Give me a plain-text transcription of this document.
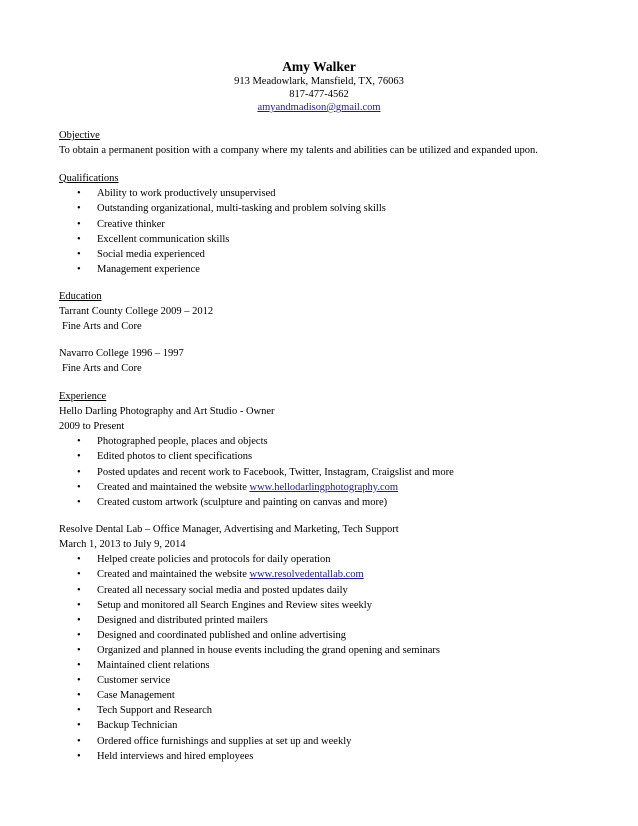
Amy Walker
913 Meadowlark, Mansfield, TX, 76063
817-477-4562
amyandmadison@gmail.com
Objective
To obtain a permanent position with a company where my talents and abilities can be utilized and expanded upon.
Qualifications
• Ability to work productively unsupervised
• Outstanding organizational, multi-tasking and problem solving skills
• Creative thinker
• Excellent communication skills
• Social media experienced
• Management experience
Education
Tarrant County College 2009 – 2012
Fine Arts and Core
Navarro College 1996 – 1997
Fine Arts and Core
Experience
Hello Darling Photography and Art Studio - Owner
2009 to Present
• Photographed people, places and objects
• Edited photos to client specifications
• Posted updates and recent work to Facebook, Twitter, Instagram, Craigslist and more
• Created and maintained the website www.hellodarlingphotography.com
• Created custom artwork (sculpture and painting on canvas and more)
Resolve Dental Lab – Office Manager, Advertising and Marketing, Tech Support
March 1, 2013 to July 9, 2014
• Helped create policies and protocols for daily operation
• Created and maintained the website www.resolvedentallab.com
• Created all necessary social media and posted updates daily
• Setup and monitored all Search Engines and Review sites weekly
• Designed and distributed printed mailers
• Designed and coordinated published and online advertising
• Organized and planned in house events including the grand opening and seminars
• Maintained client relations
• Customer service
• Case Management
• Tech Support and Research
• Backup Technician
• Ordered office furnishings and supplies at set up and weekly
• Held interviews and hired employees
